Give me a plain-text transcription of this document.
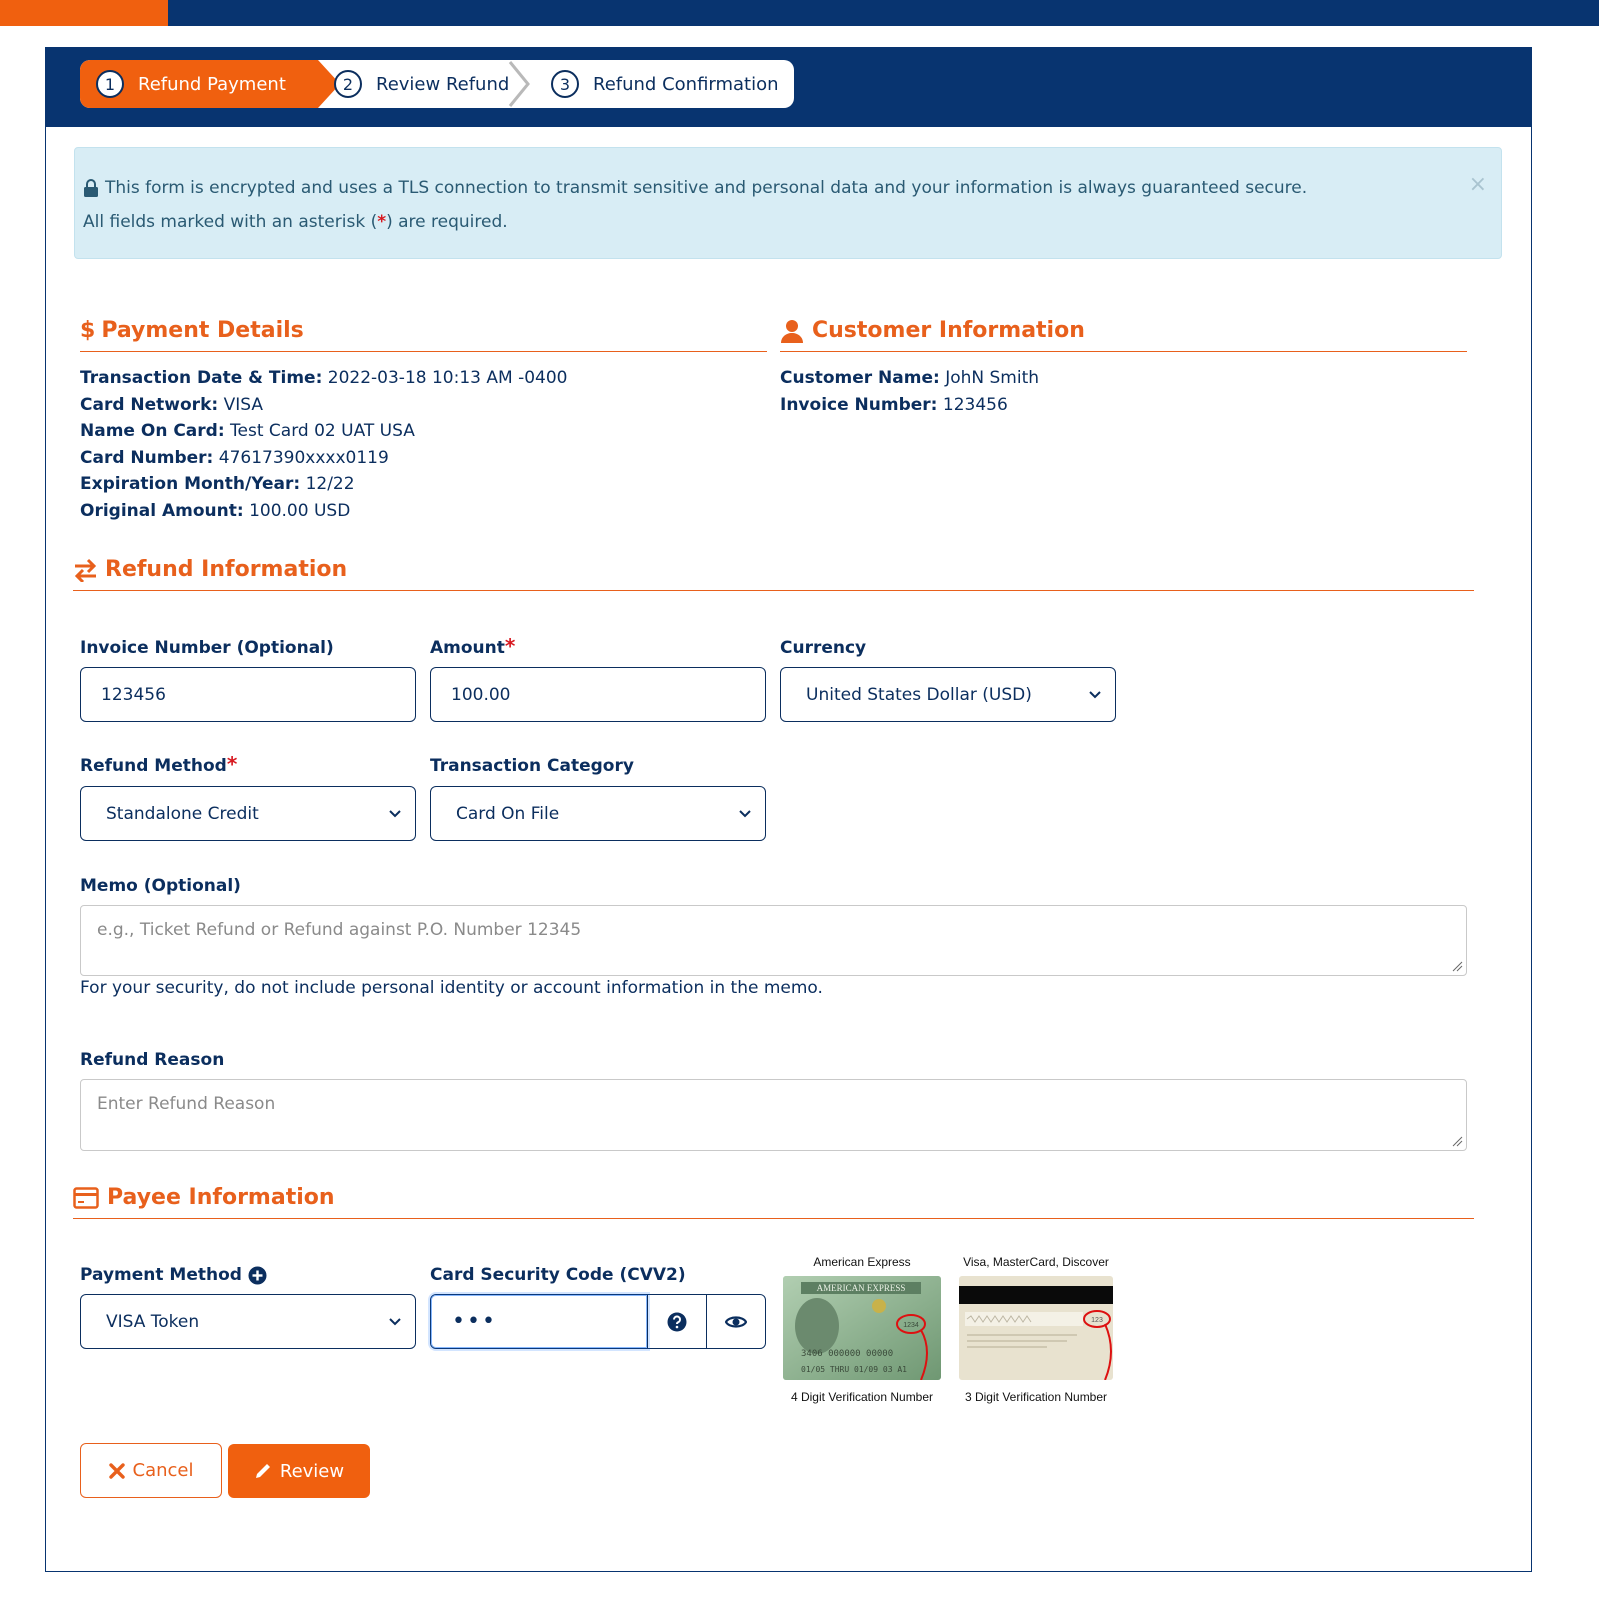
1	Refund Payment	2	Review Refund	3	Refund Confirmation
This form is encrypted and uses a TLS connection to transmit sensitive and personal data and your information is always guaranteed secure.
All fields marked with an asterisk (*) are required.
×
$ Payment Details
Transaction Date & Time: 2022-03-18 10:13 AM -0400
Card Network: VISA
Name On Card: Test Card 02 UAT USA
Card Number: 47617390xxxx0119
Expiration Month/Year: 12/22
Original Amount: 100.00 USD
Customer Information
Customer Name: JohN Smith
Invoice Number: 123456
Refund Information
Invoice Number (Optional)
123456
Amount*
100.00
Currency
United States Dollar (USD)
Refund Method*
Standalone Credit
Transaction Category
Card On File
Memo (Optional)
e.g., Ticket Refund or Refund against P.O. Number 12345
For your security, do not include personal identity or account information in the memo.
Refund Reason
Enter Refund Reason
Payee Information
Payment Method
VISA Token
Card Security Code (CVV2)
•••
American Express
AMERICAN EXPRESS
3406 000000 00000
01/05 THRU 01/09 03 A1
1234
4 Digit Verification Number
Visa, MasterCard, Discover
123
3 Digit Verification Number
Cancel	Review
